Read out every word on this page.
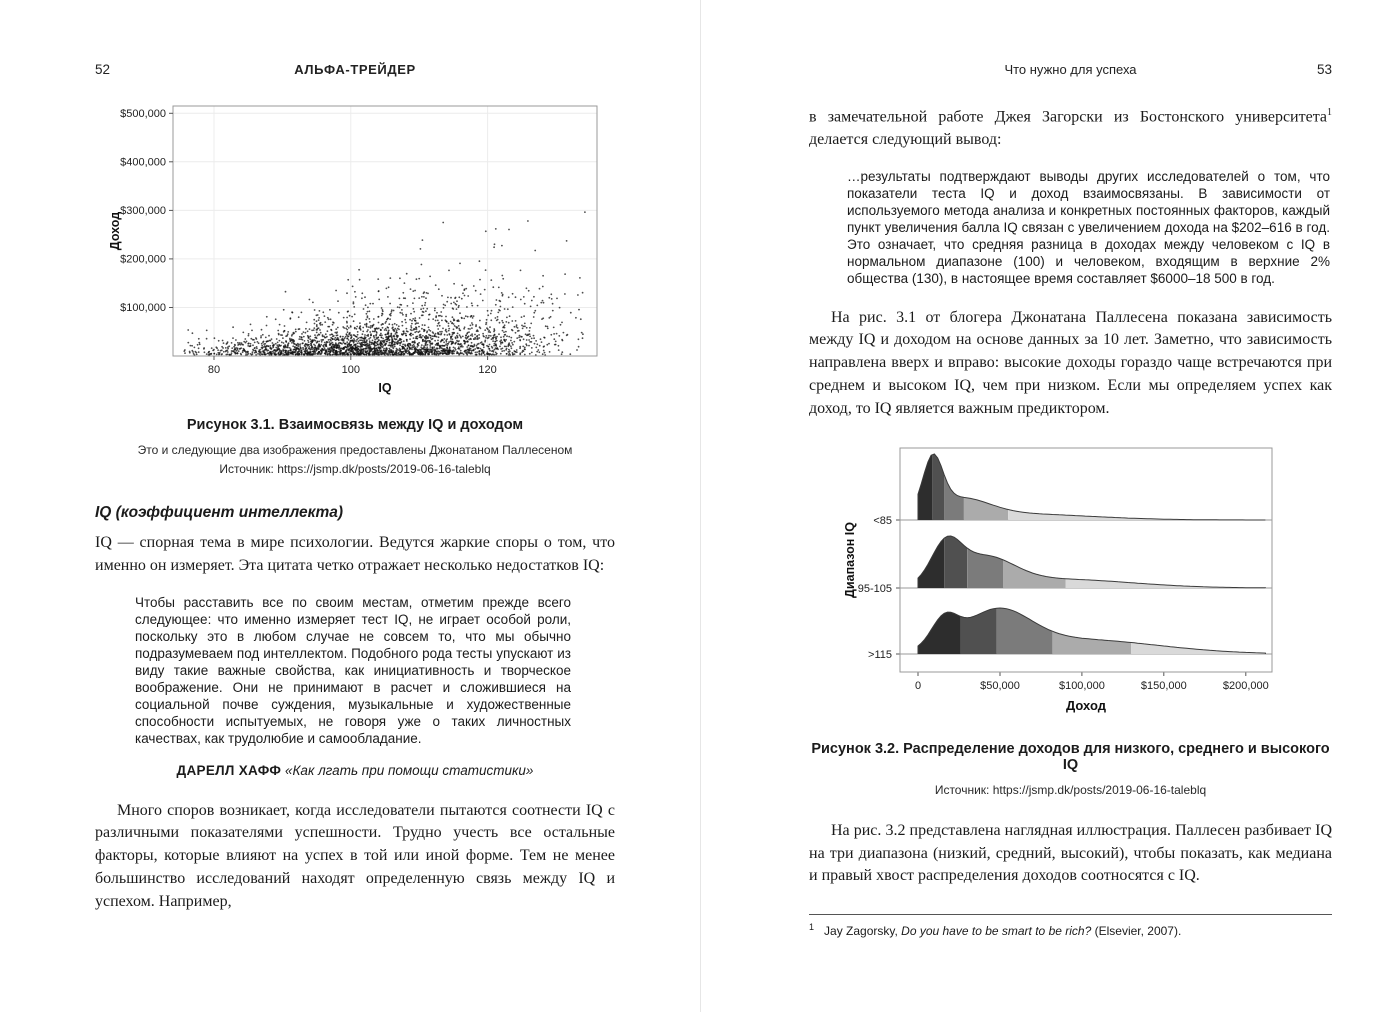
52	АЛЬФА-ТРЕЙДЕР
$100,000
$200,000
$300,000
$400,000
$500,000
80	100	120
Доход
IQ
Рисунок 3.1. Взаимосвязь между IQ и доходом

Это и следующие два изображения предоставлены Джонатаном Паллесеном
Источник: https://jsmp.dk/posts/2019-06-16-taleblq

IQ (коэффициент интеллекта)

IQ — спорная тема в мире психологии. Ведутся жаркие споры о том, что именно он измеряет. Эта цитата четко отражает несколько недостатков IQ:

Чтобы расставить все по своим местам, отметим прежде всего следующее: что именно измеряет тест IQ, не играет особой роли, поскольку это в любом случае не совсем то, что мы обычно подразумеваем под интеллектом. Подобного рода тесты упускают из виду такие важные свойства, как инициативность и творческое воображение. Они не принимают в расчет и сложившиеся на социальной почве суждения, музыкальные и художественные способности испытуемых, не говоря уже о таких личностных качествах, как трудолюбие и самообладание.

ДАРЕЛЛ ХАФФ «Как лгать при помощи статистики»

Много споров возникает, когда исследователи пытаются соотнести IQ с различными показателями успешности. Трудно учесть все остальные факторы, которые влияют на успех в той или иной форме. Тем не менее большинство исследований находят определенную связь между IQ и успехом. Например,

Что нужно для успеха	53

в замечательной работе Джея Загорски из Бостонского университета$^1$ делается следующий вывод:

…результаты подтверждают выводы других исследователей о том, что показатели теста IQ и доход взаимосвязаны. В зависимости от используемого метода анализа и конкретных постоянных факторов, каждый пункт увеличения балла IQ связан с увеличением дохода на $202–616 в год. Это означает, что средняя разница в доходах между человеком с IQ в нормальном диапазоне (100) и человеком, входящим в верхние 2% общества (130), в настоящее время составляет $6000–18 500 в год.

На рис. 3.1 от блогера Джонатана Паллесена показана зависимость между IQ и доходом на основе данных за 10 лет. Заметно, что зависимость направлена вверх и вправо: высокие доходы гораздо чаще встречаются при среднем и высоком IQ, чем при низком. Если мы определяем успех как доход, то IQ является важным предиктором.

<85
95-105
>115
0	$50,000	$100,000	$150,000	$200,000
Диапазон IQ
Доход
Рисунок 3.2. Распределение доходов для низкого, среднего и высокого IQ

Источник: https://jsmp.dk/posts/2019-06-16-taleblq

На рис. 3.2 представлена наглядная иллюстрация. Паллесен разбивает IQ на три диапазона (низкий, средний, высокий), чтобы показать, как медиана и правый хвост распределения доходов соотносятся с IQ.

$^1$ Jay Zagorsky, Do you have to be smart to be rich? (Elsevier, 2007).
